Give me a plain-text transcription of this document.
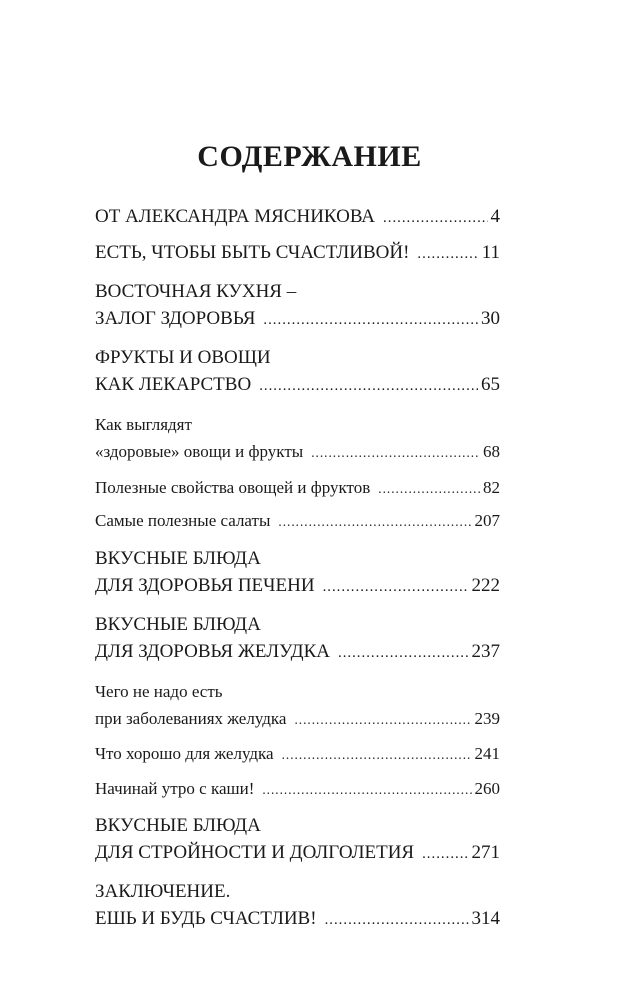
СОДЕРЖАНИЕ
ОТ АЛЕКСАНДРА МЯСНИКОВА .....	4
ЕСТЬ, ЧТОБЫ БЫТЬ СЧАСТЛИВОЙ! .....	11
ВОСТОЧНАЯ КУХНЯ –
ЗАЛОГ ЗДОРОВЬЯ .....	30
ФРУКТЫ И ОВОЩИ
КАК ЛЕКАРСТВО .....	65
Как выглядят
«здоровые» овощи и фрукты .....	68
Полезные свойства овощей и фруктов .....	82
Самые полезные салаты .....	207
ВКУСНЫЕ БЛЮДА
ДЛЯ ЗДОРОВЬЯ ПЕЧЕНИ .....	222
ВКУСНЫЕ БЛЮДА
ДЛЯ ЗДОРОВЬЯ ЖЕЛУДКА .....	237
Чего не надо есть
при заболеваниях желудка .....	239
Что хорошо для желудка .....	241
Начинай утро с каши! .....	260
ВКУСНЫЕ БЛЮДА
ДЛЯ СТРОЙНОСТИ И ДОЛГОЛЕТИЯ .....	271
ЗАКЛЮЧЕНИЕ.
ЕШЬ И БУДЬ СЧАСТЛИВ! .....	314
